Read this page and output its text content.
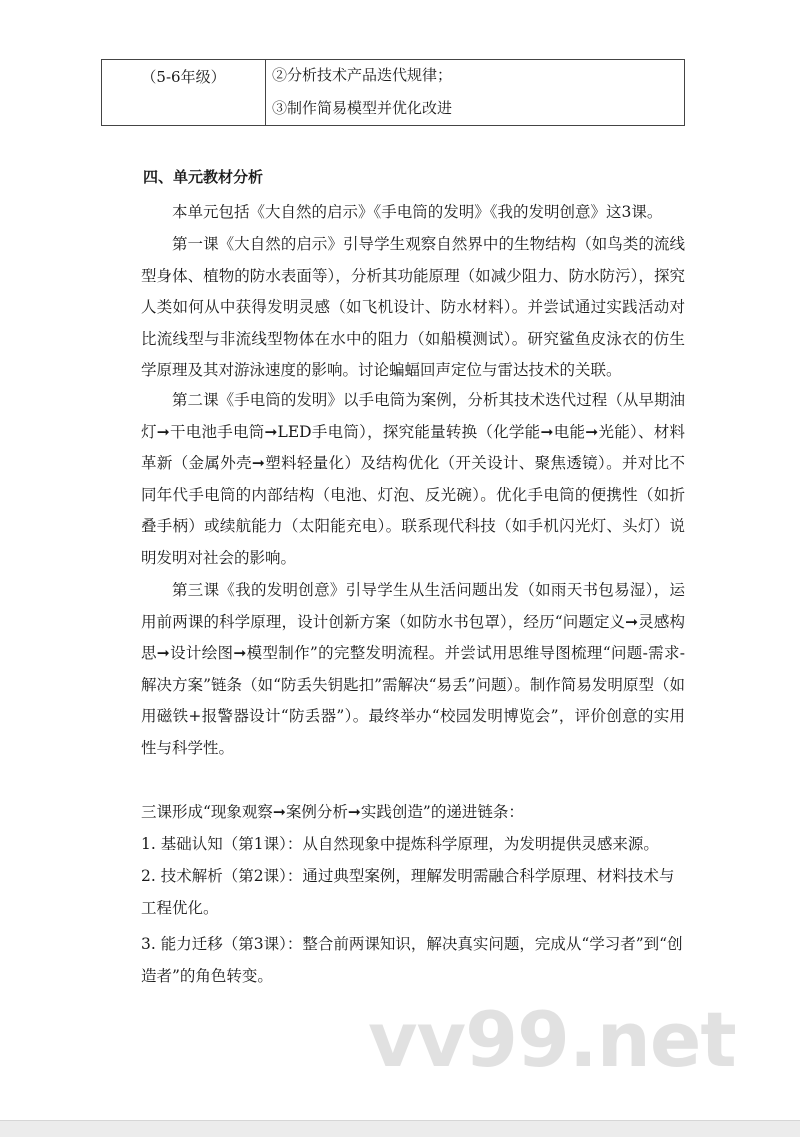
（5-6年级）	②分析技术产品迭代规律；
③制作简易模型并优化改进
四、单元教材分析

本单元包括《大自然的启示》《手电筒的发明》《我的发明创意》这3课。

第一课《大自然的启示》引导学生观察自然界中的生物结构（如鸟类的流线型身体、植物的防水表面等），分析其功能原理（如减少阻力、防水防污），探究人类如何从中获得发明灵感（如飞机设计、防水材料）。并尝试通过实践活动对比流线型与非流线型物体在水中的阻力（如船模测试）。研究鲨鱼皮泳衣的仿生学原理及其对游泳速度的影响。讨论蝙蝠回声定位与雷达技术的关联。

第二课《手电筒的发明》以手电筒为案例，分析其技术迭代过程（从早期油灯➞干电池手电筒➞LED手电筒），探究能量转换（化学能➞电能➞光能）、材料革新（金属外壳➞塑料轻量化）及结构优化（开关设计、聚焦透镜）。并对比不同年代手电筒的内部结构（电池、灯泡、反光碗）。优化手电筒的便携性（如折叠手柄）或续航能力（太阳能充电）。联系现代科技（如手机闪光灯、头灯）说明发明对社会的影响。

第三课《我的发明创意》引导学生从生活问题出发（如雨天书包易湿），运用前两课的科学原理，设计创新方案（如防水书包罩），经历“问题定义➞灵感构思➞设计绘图➞模型制作”的完整发明流程。并尝试用思维导图梳理“问题-需求-解决方案”链条（如“防丢失钥匙扣”需解决“易丢”问题）。制作简易发明原型（如用磁铁+报警器设计“防丢器”）。最终举办“校园发明博览会”，评价创意的实用性与科学性。

三课形成“现象观察➞案例分析➞实践创造”的递进链条：

1. 基础认知（第1课）：从自然现象中提炼科学原理，为发明提供灵感来源。

2. 技术解析（第2课）：通过典型案例，理解发明需融合科学原理、材料技术与工程优化。

3. 能力迁移（第3课）：整合前两课知识，解决真实问题，完成从“学习者”到“创造者”的角色转变。

vv99.net
